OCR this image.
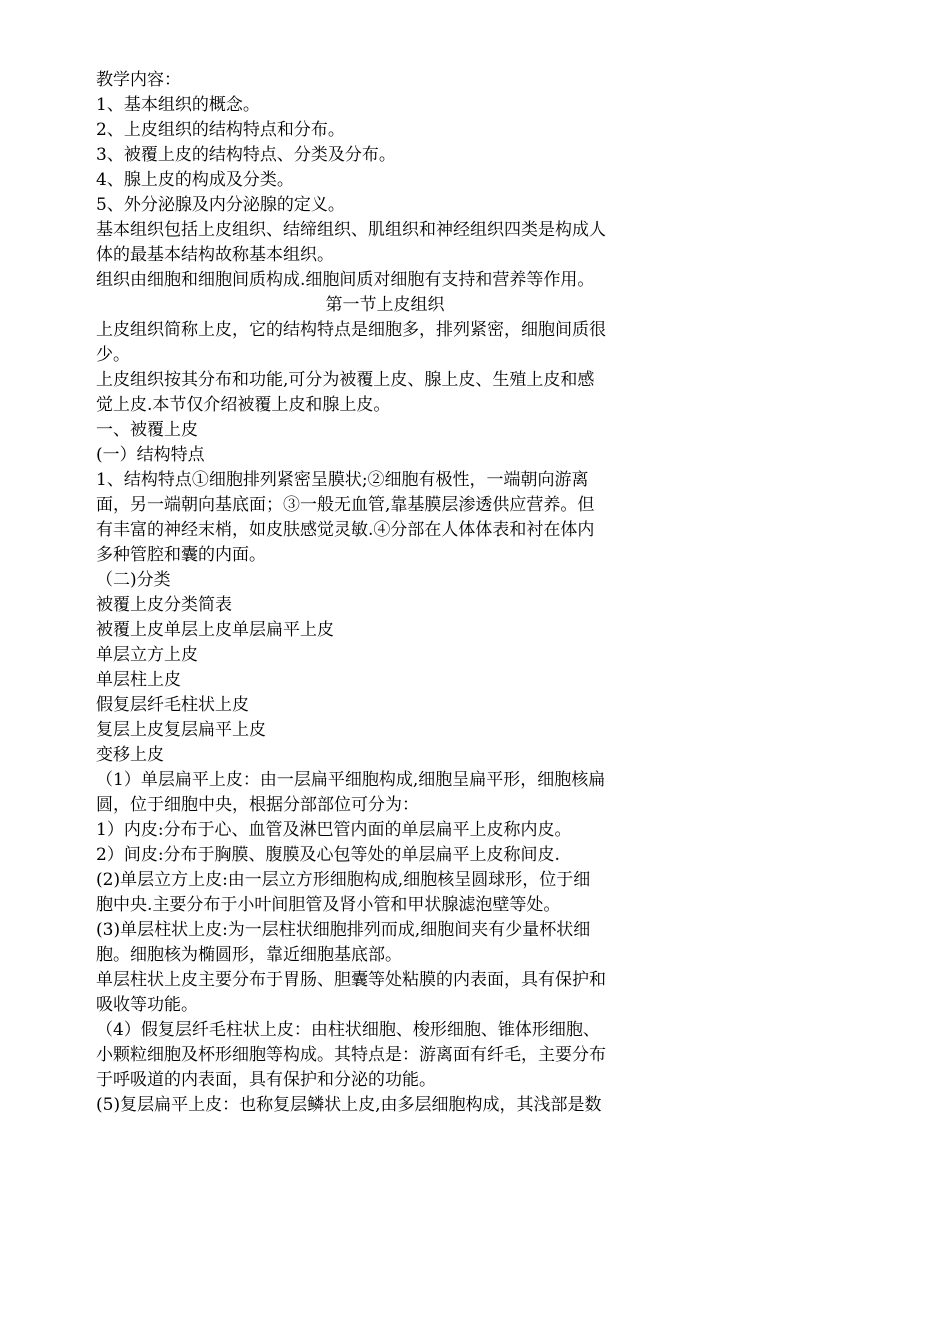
教学内容：
1、基本组织的概念。
2、上皮组织的结构特点和分布。
3、被覆上皮的结构特点、分类及分布。
4、腺上皮的构成及分类。
5、外分泌腺及内分泌腺的定义。
基本组织包括上皮组织、结缔组织、肌组织和神经组织四类是构成人
体的最基本结构故称基本组织。
组织由细胞和细胞间质构成.细胞间质对细胞有支持和营养等作用。
第一节上皮组织
上皮组织简称上皮，它的结构特点是细胞多，排列紧密，细胞间质很
少。
上皮组织按其分布和功能,可分为被覆上皮、腺上皮、生殖上皮和感
觉上皮.本节仅介绍被覆上皮和腺上皮。
一、被覆上皮
(一）结构特点
1、结构特点①细胞排列紧密呈膜状;②细胞有极性，一端朝向游离
面，另一端朝向基底面；③一般无血管,靠基膜层渗透供应营养。但
有丰富的神经末梢，如皮肤感觉灵敏.④分部在人体体表和衬在体内
多种管腔和囊的内面。
（二)分类
被覆上皮分类简表
被覆上皮单层上皮单层扁平上皮
单层立方上皮
单层柱上皮
假复层纤毛柱状上皮
复层上皮复层扁平上皮
变移上皮
（1）单层扁平上皮：由一层扁平细胞构成,细胞呈扁平形，细胞核扁
圆，位于细胞中央，根据分部部位可分为：
1）内皮:分布于心、血管及淋巴管内面的单层扁平上皮称内皮。
2）间皮:分布于胸膜、腹膜及心包等处的单层扁平上皮称间皮.
(2)单层立方上皮:由一层立方形细胞构成,细胞核呈圆球形，位于细
胞中央.主要分布于小叶间胆管及肾小管和甲状腺滤泡壁等处。
(3)单层柱状上皮:为一层柱状细胞排列而成,细胞间夹有少量杯状细
胞。细胞核为椭圆形，靠近细胞基底部。
单层柱状上皮主要分布于胃肠、胆囊等处粘膜的内表面，具有保护和
吸收等功能。
（4）假复层纤毛柱状上皮：由柱状细胞、梭形细胞、锥体形细胞、
小颗粒细胞及杯形细胞等构成。其特点是：游离面有纤毛，主要分布
于呼吸道的内表面，具有保护和分泌的功能。
(5)复层扁平上皮：也称复层鳞状上皮,由多层细胞构成，其浅部是数
